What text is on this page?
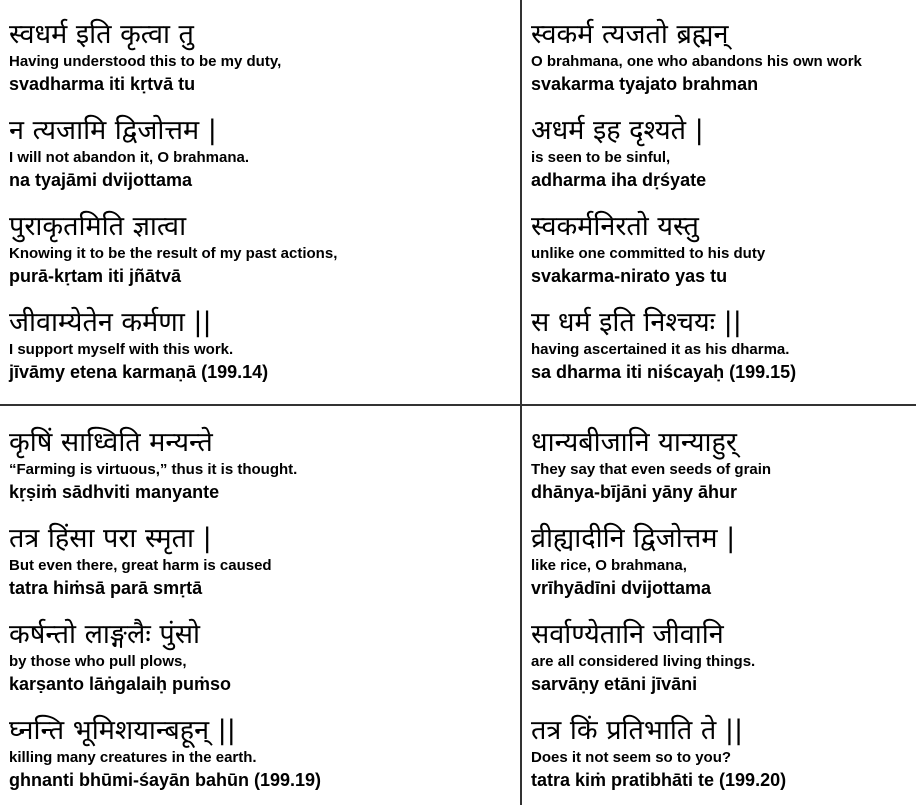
स्वधर्म इति कृत्वा तु
Having understood this to be my duty,
svadharma iti kṛtvā tu
न त्यजामि द्विजोत्तम |
I will not abandon it, O brahmana.
na tyajāmi dvijottama
पुराकृतमिति ज्ञात्वा
Knowing it to be the result of my past actions,
purā-kṛtam iti jñātvā
जीवाम्येतेन कर्मणा ||
I support myself with this work.
jīvāmy etena karmaṇā (199.14)
स्वकर्म त्यजतो ब्रह्मन्
O brahmana, one who abandons his own work
svakarma tyajato brahman
अधर्म इह दृश्यते |
is seen to be sinful,
adharma iha dṛśyate
स्वकर्मनिरतो यस्तु
unlike one committed to his duty
svakarma-nirato yas tu
स धर्म इति निश्चयः ||
having ascertained it as his dharma.
sa dharma iti niścayaḥ (199.15)
कृषिं साध्विति मन्यन्ते
“Farming is virtuous,” thus it is thought.
kṛṣiṁ sādhviti manyante
तत्र हिंसा परा स्मृता |
But even there, great harm is caused
tatra hiṁsā parā smṛtā
कर्षन्तो लाङ्गलैः पुंसो
by those who pull plows,
karṣanto lāṅgalaiḥ puṁso
घ्नन्ति भूमिशयान्बहून् ||
killing many creatures in the earth.
ghnanti bhūmi-śayān bahūn (199.19)
धान्यबीजानि यान्याहुर्
They say that even seeds of grain
dhānya-bījāni yāny āhur
व्रीह्यादीनि द्विजोत्तम |
like rice, O brahmana,
vrīhyādīni dvijottama
सर्वाण्येतानि जीवानि
are all considered living things.
sarvāṇy etāni jīvāni
तत्र किं प्रतिभाति ते ||
Does it not seem so to you?
tatra kiṁ pratibhāti te (199.20)
